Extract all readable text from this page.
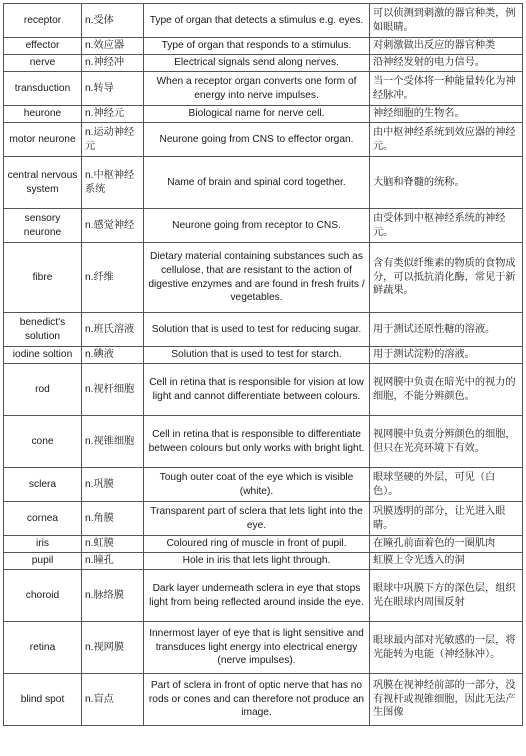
receptor	n.受体	Type of organ that detects a stimulus e.g. eyes.	可以侦测到刺激的器官种类，例如眼睛。
effector	n.效应器	Type of organ that responds to a stimulus.	对刺激做出反应的器官种类
nerve	n.神经冲	Electrical signals send along nerves.	沿神经发射的电力信号。
transduction	n.转导	When a receptor organ converts one form of energy into nerve impulses.	当一个受体将一种能量转化为神经脉冲。
heurone	n.神经元	Biological name for nerve cell.	神经细胞的生物名。
motor neurone	n.运动神经元	Neurone going from CNS to effector organ.	由中枢神经系统到效应器的神经元。
central nervous system	n.中枢神经系统	Name of brain and spinal cord together.	大脑和脊髓的统称。
sensory neurone	n.感觉神经	Neurone going from receptor to CNS.	由受体到中枢神经系统的神经元。
fibre	n.纤维	Dietary material containing substances such as cellulose, that are resistant to the action of digestive enzymes and are found in fresh fruits / vegetables.	含有类似纤维素的物质的食物成分，可以抵抗消化酶，常见于新鲜蔬果。
benedict's solution	n.班氏溶液	Solution that is used to test for reducing sugar.	用于测试还原性糖的溶液。
iodine soltion	n.碘液	Solution that is used to test for starch.	用于测试淀粉的溶液。
rod	n.视杆细胞	Cell in retina that is responsible for vision at low light and cannot differentiate between colours.	视网膜中负责在暗光中的视力的细胞，不能分辨颜色。
cone	n.视锥细胞	Cell in retina that is responsible to differentiate between colours but only works with bright light.	视网膜中负责分辨颜色的细胞，但只在光亮环境下有效。
sclera	n.巩膜	Tough outer coat of the eye which is visible (white).	眼球坚硬的外层，可见（白色）。
cornea	n.角膜	Transparent part of sclera that lets light into the eye.	巩膜透明的部分，让光进入眼睛。
iris	n.虹膜	Coloured ring of muscle in front of pupil.	在瞳孔前面着色的一圈肌肉
pupil	n.瞳孔	Hole in iris that lets light through.	虹膜上令光透入的洞
choroid	n.脉络膜	Dark layer underneath sclera in eye that stops light from being reflected around inside the eye.	眼球中巩膜下方的深色层，组织光在眼球内周围反射
retina	n.视网膜	Innermost layer of eye that is light sensitive and transduces light energy into electrical energy (nerve impulses).	眼球最内部对光敏感的一层，将光能转为电能（神经脉冲）。
blind spot	n.盲点	Part of sclera in front of optic nerve that has no rods or cones and can therefore not produce an image.	巩膜在视神经前部的一部分，没有视杆或视锥细胞，因此无法产生图像
